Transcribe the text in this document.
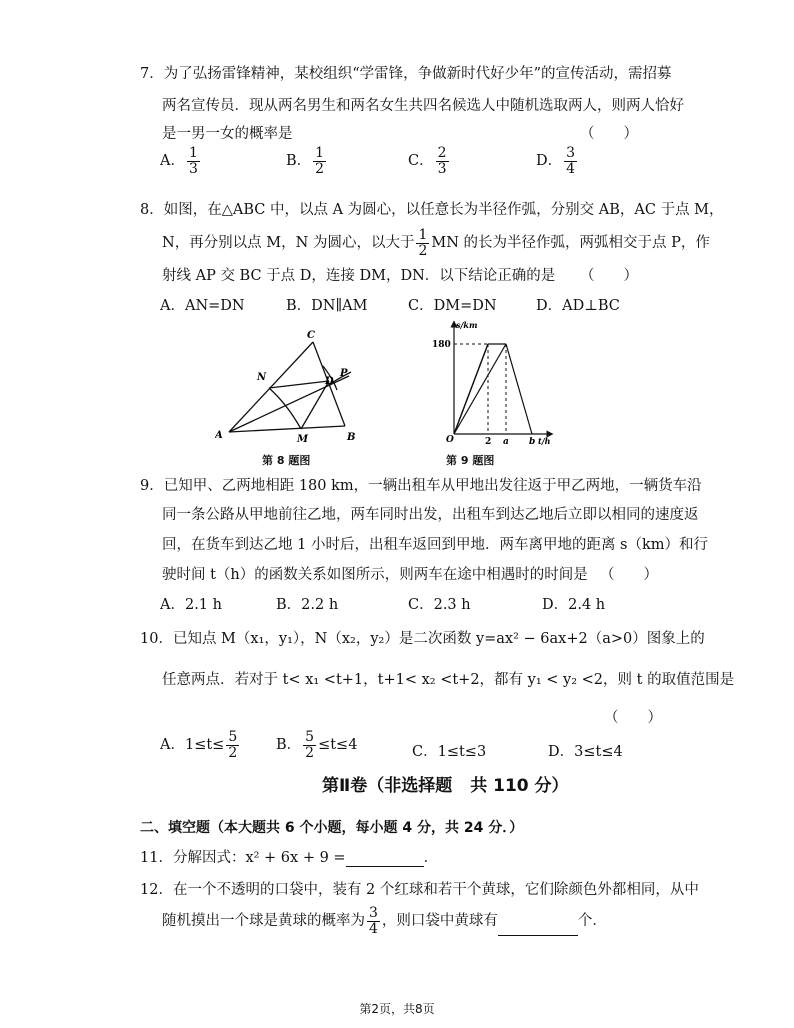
7．为了弘扬雷锋精神，某校组织“学雷锋，争做新时代好少年”的宣传活动，需招募
两名宣传员．现从两名男生和两名女生共四名候选人中随机选取两人，则两人恰好
是一男一女的概率是	（　　）
A． $\frac{1}{3}$	B． $\frac{1}{2}$	C． $\frac{2}{3}$	D． $\frac{3}{4}$
8．如图，在△ABC 中，以点 A 为圆心，以任意长为半径作弧，分别交 AB，AC 于点 M，
N，再分别以点 M，N 为圆心，以大于 $\frac{1}{2}$ MN 的长为半径作弧，两弧相交于点 P，作
射线 AP 交 BC 于点 D，连接 DM，DN．以下结论正确的是 （　　）
A．AN=DN	B．DN∥AM	C．DM=DN	D．AD⊥BC
A	B
C
M
N	D
P
第 8 题图
s/km
t/h
O
180
2 a b
第 9 题图
9．已知甲、乙两地相距 180 km，一辆出租车从甲地出发往返于甲乙两地，一辆货车沿
同一条公路从甲地前往乙地，两车同时出发，出租车到达乙地后立即以相同的速度返
回，在货车到达乙地 1 小时后，出租车返回到甲地．两车离甲地的距离 s（km）和行
驶时间 t（h）的函数关系如图所示，则两车在途中相遇时的时间是 （　　）
A．2.1 h	B．2.2 h	C．2.3 h	D．2.4 h
10．已知点 M（x₁，y₁），N（x₂，y₂）是二次函数 y=ax² − 6ax+2（a>0）图象上的
任意两点．若对于 t< x₁ <t+1，t+1< x₂ <t+2，都有 y₁ < y₂ <2，则 t 的取值范围是
（　　）
A．$1\le t\le \frac{5}{2}$	B． $\frac{5}{2} \le t\le 4$	C．1≤t≤3	D．3≤t≤4
第Ⅱ卷（非选择题 共 110 分）
二、填空题（本大题共 6 个小题，每小题 4 分，共 24 分．）
11．分解因式：x² + 6x + 9 =	．
12．在一个不透明的口袋中，装有 2 个红球和若干个黄球，它们除颜色外都相同，从中
随机摸出一个球是黄球的概率为 $\frac{3}{4}$ ，则口袋中黄球有	个．
第2页，共8页
